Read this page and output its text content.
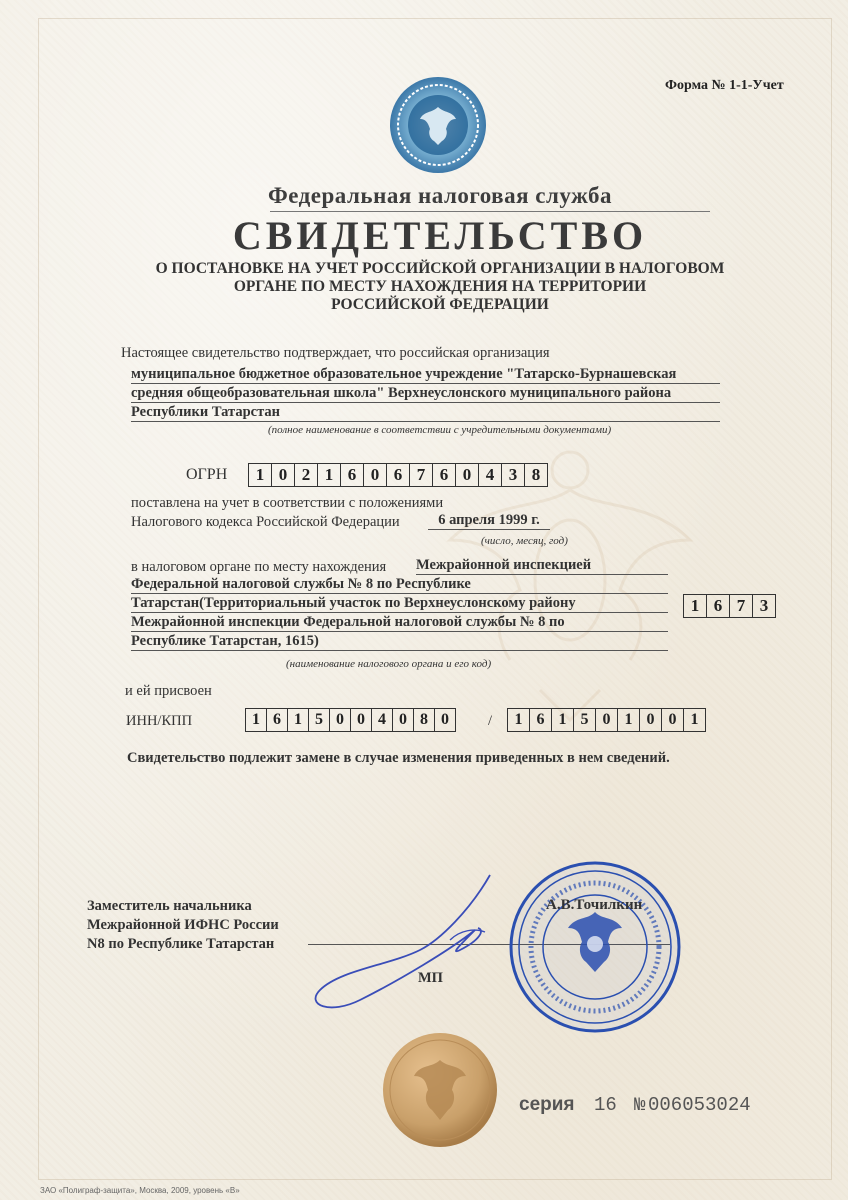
Форма № 1-1-Учет
Федеральная налоговая служба
СВИДЕТЕЛЬСТВО
О ПОСТАНОВКЕ НА УЧЕТ РОССИЙСКОЙ ОРГАНИЗАЦИИ В НАЛОГОВОМ
ОРГАНЕ ПО МЕСТУ НАХОЖДЕНИЯ НА ТЕРРИТОРИИ
РОССИЙСКОЙ ФЕДЕРАЦИИ
Настоящее свидетельство подтверждает, что российская организация
муниципальное бюджетное образовательное учреждение "Татарско-Бурнашевская
средняя общеобразовательная школа" Верхнеуслонского муниципального района
Республики Татарстан
(полное наименование в соответствии с учредительными документами)
ОГРН	1 0 2 1 6 0 6 7 6 0 4 3 8
поставлена на учет в соответствии с положениями
Налогового кодекса Российской Федерации	6 апреля 1999 г.
(число, месяц, год)
в налоговом органе по месту нахождения Межрайонной инспекцией
Федеральной налоговой службы № 8 по Республике
Татарстан(Территориальный участок по Верхнеуслонскому району
Межрайонной инспекции Федеральной налоговой службы № 8 по
Республике Татарстан, 1615)
1 6 7 3
(наименование налогового органа и его код)
и ей присвоен
ИНН/КПП	1 6 1 5 0 0 4 0 8 0	/	1 6 1 5 0 1 0 0 1
Свидетельство подлежит замене в случае изменения приведенных в нем сведений.
Заместитель начальника
Межрайонной ИФНС России
N8 по Республике Татарстан
А.В.Точилкин
МП
серия 16 № 006053024
ЗАО «Полиграф-защита», Москва, 2009, уровень «В»
